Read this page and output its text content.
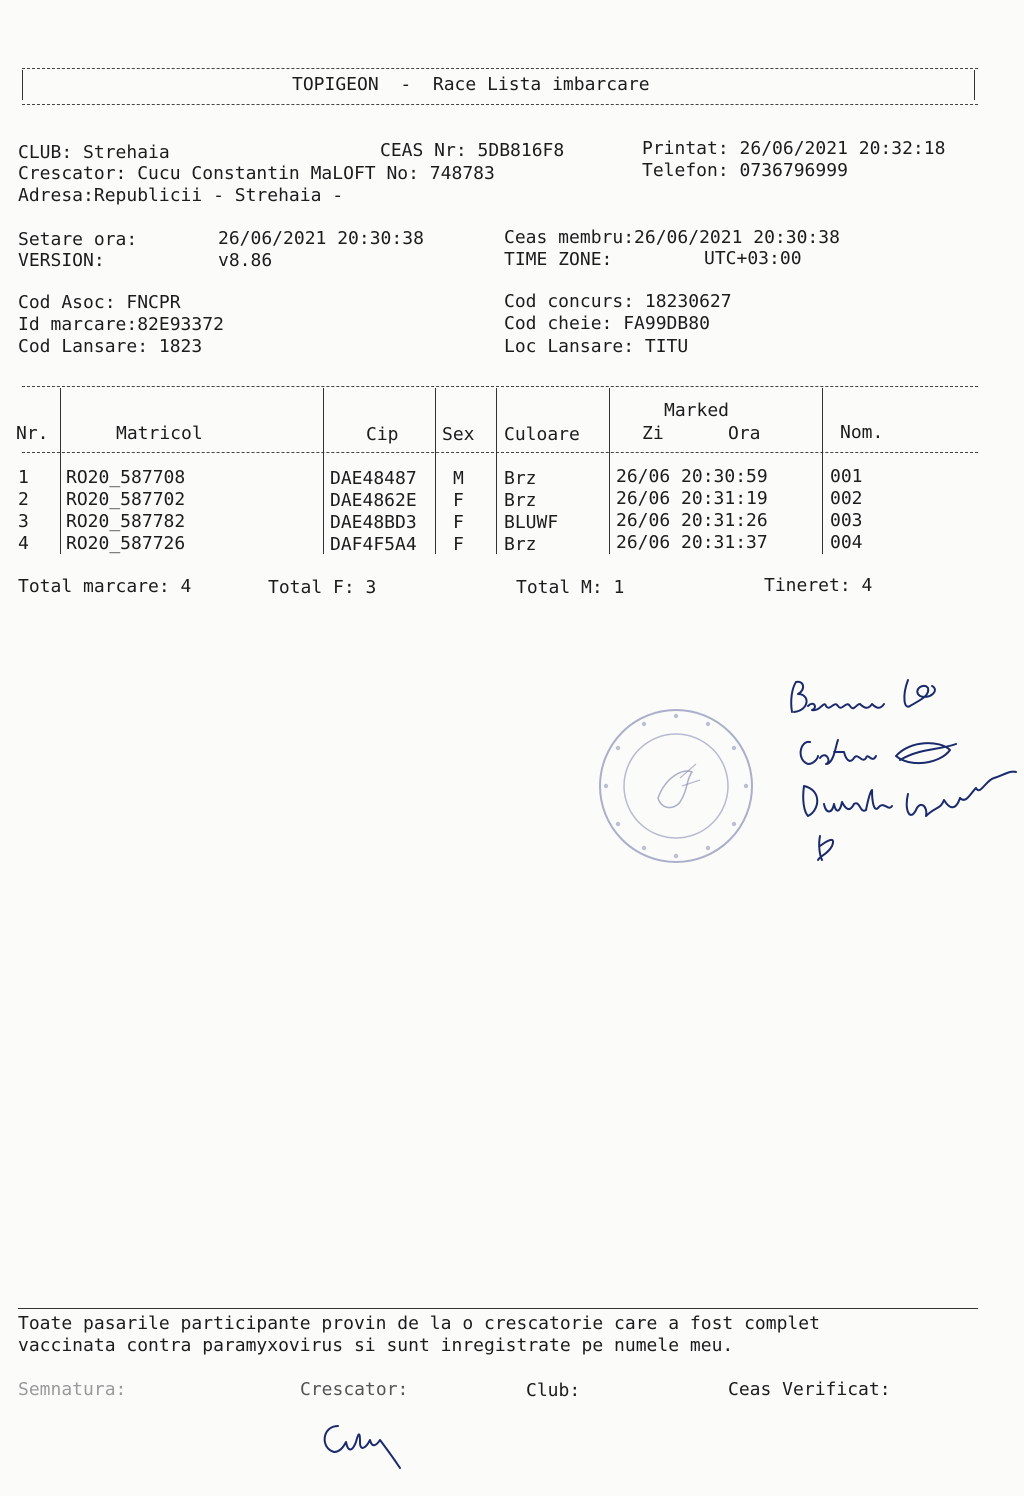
TOPIGEON  -  Race Lista imbarcare
CLUB: Strehaia	CEAS Nr: 5DB816F8	Printat: 26/06/2021 20:32:18
Crescator: Cucu Constantin MaLOFT No: 748783	Telefon: 0736796999
Adresa:Republicii - Strehaia -
Setare ora:	26/06/2021 20:30:38	Ceas membru:26/06/2021 20:30:38
VERSION:	v8.86	TIME ZONE:	UTC+03:00
Cod Asoc: FNCPR	Cod concurs: 18230627
Id marcare:82E93372	Cod cheie: FA99DB80
Cod Lansare: 1823	Loc Lansare: TITU
Marked
Nr.	Matricol	Cip Sex Culoare	Zi	Ora	Nom.
1 RO20_587708	DAE48487 M Brz	26/06 20:30:59	001
2 RO20_587702	DAE4862E F Brz	26/06 20:31:19	002
3 RO20_587782	DAE48BD3 F BLUWF	26/06 20:31:26	003
4 RO20_587726	DAF4F5A4 F Brz	26/06 20:31:37	004
Total marcare: 4	Total F: 3	Total M: 1	Tineret: 4
Toate pasarile participante provin de la o crescatorie care a fost complet
vaccinata contra paramyxovirus si sunt inregistrate pe numele meu.
Semnatura:	Crescator:	Club:	Ceas Verificat:
